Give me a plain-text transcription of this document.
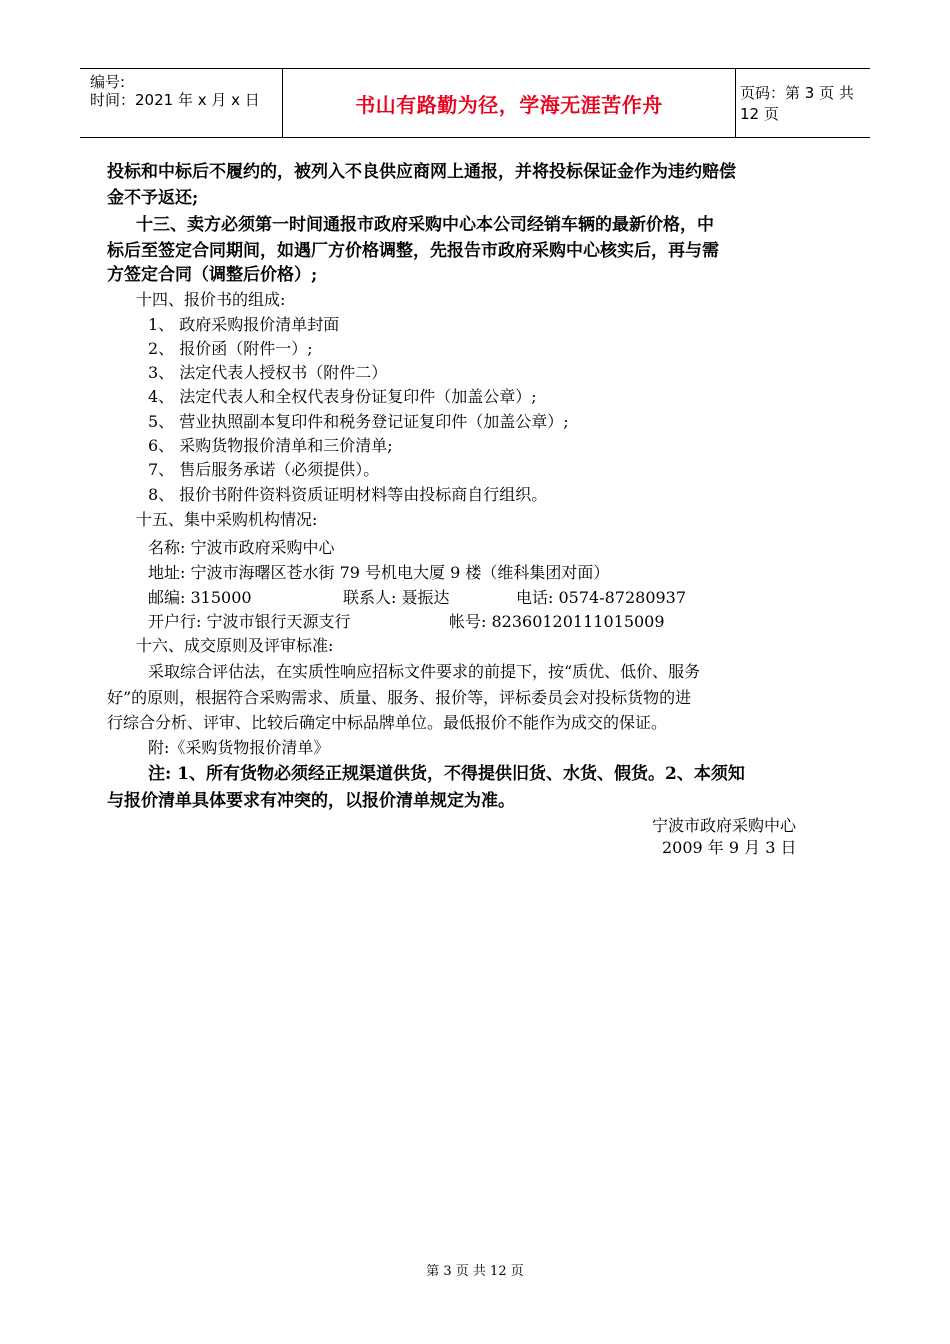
编号:
时间：2021 年 x 月 x 日	书山有路勤为径，学海无涯苦作舟	页码：第 3 页 共 12 页
投标和中标后不履约的，被列入不良供应商网上通报，并将投标保证金作为违约赔偿
金不予返还;
十三、卖方必须第一时间通报市政府采购中心本公司经销车辆的最新价格，中
标后至签定合同期间，如遇厂方价格调整，先报告市政府采购中心核实后，再与需
方签定合同（调整后价格）;
十四、报价书的组成:
1、 政府采购报价清单封面
2、 报价函（附件一）;
3、 法定代表人授权书（附件二）
4、 法定代表人和全权代表身份证复印件（加盖公章）;
5、 营业执照副本复印件和税务登记证复印件（加盖公章）;
6、 采购货物报价清单和三价清单;
7、 售后服务承诺（必须提供）。
8、 报价书附件资料资质证明材料等由投标商自行组织。
十五、集中采购机构情况:
名称: 宁波市政府采购中心
地址: 宁波市海曙区苍水街 79 号机电大厦 9 楼（维科集团对面）
邮编: 315000	联系人: 聂振达	电话: 0574-87280937
开户行: 宁波市银行天源支行	帐号: 82360120111015009
十六、成交原则及评审标准:
采取综合评估法，在实质性响应招标文件要求的前提下，按“质优、低价、服务
好”的原则，根据符合采购需求、质量、服务、报价等，评标委员会对投标货物的进
行综合分析、评审、比较后确定中标品牌单位。最低报价不能作为成交的保证。
附:《采购货物报价清单》
注: 1、所有货物必须经正规渠道供货，不得提供旧货、水货、假货。2、本须知
与报价清单具体要求有冲突的，以报价清单规定为准。
宁波市政府采购中心
2009 年 9 月 3 日
第 3 页 共 12 页
